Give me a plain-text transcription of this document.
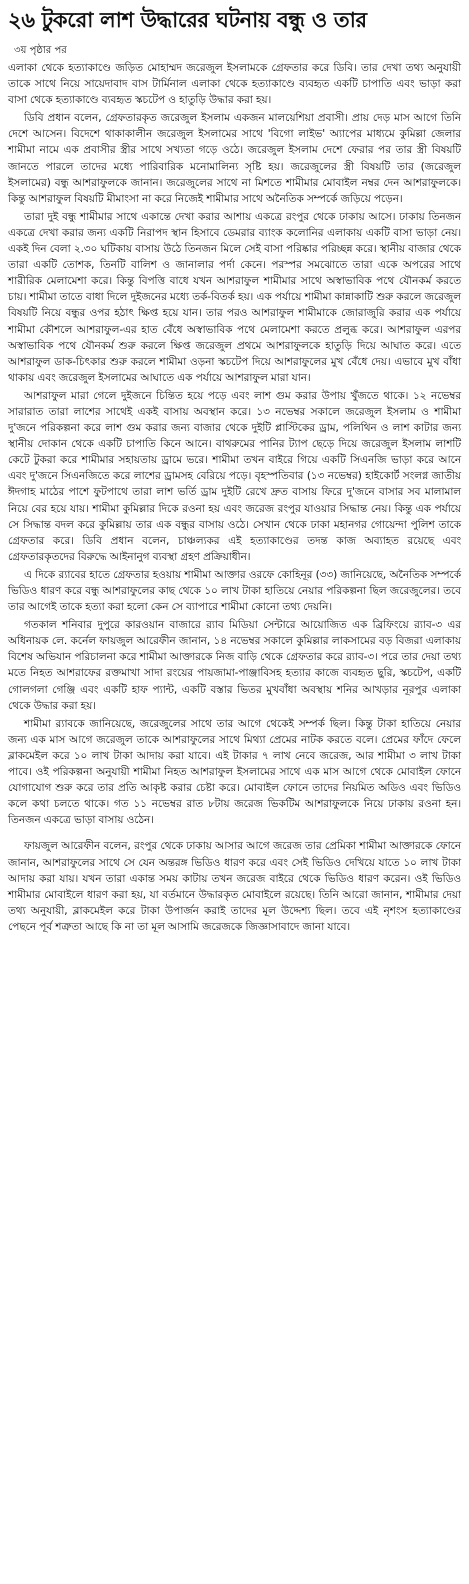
২৬ টুকরো লাশ উদ্ধারের ঘটনায় বন্ধু ও তার
৩য় পৃষ্ঠার পর

এলাকা থেকে হত্যাকাণ্ডে জড়িত মোহাম্মদ জরেজুল ইসলামকে গ্রেফতার করে ডিবি। তার দেখা তথ্য অনুযায়ী তাকে সাথে নিয়ে সায়েদাবাদ বাস টার্মিনাল এলাকা থেকে হত্যাকাণ্ডে ব্যবহৃত একটি চাপাতি এবং ভাড়া করা বাসা থেকে হত্যাকাণ্ডে ব্যবহৃত স্কচটেপ ও হাতুড়ি উদ্ধার করা হয়।

ডিবি প্রধান বলেন, গ্রেফতারকৃত জরেজুল ইসলাম একজন মালয়েশিয়া প্রবাসী। প্রায় দেড় মাস আগে তিনি দেশে আসেন। বিদেশে থাকাকালীন জরেজুল ইসলামের সাথে 'বিগো লাইভ' অ্যাপের মাধ্যমে কুমিল্লা জেলার শামীমা নামে এক প্রবাসীর স্ত্রীর সাথে সখ্যতা গড়ে ওঠে। জরেজুল ইসলাম দেশে ফেরার পর তার স্ত্রী বিষয়টি জানতে পারলে তাদের মধ্যে পারিবারিক মনোমালিন্য সৃষ্টি হয়। জরেজুলের স্ত্রী বিষয়টি তার (জরেজুল ইসলামের) বন্ধু আশরাফুলকে জানান। জরেজুলের সাথে না মিশতে শামীমার মোবাইল নম্বর দেন আশরাফুলকে। কিন্তু আশরাফুল বিষয়টি মীমাংসা না করে নিজেই শামীমার সাথে অনৈতিক সম্পর্কে জড়িয়ে পড়েন।

তারা দুই বন্ধু শামীমার সাথে একান্তে দেখা করার আশায় একত্রে রংপুর থেকে ঢাকায় আসে। ঢাকায় তিনজন একত্রে দেখা করার জন্য একটি নিরাপদ স্থান হিসাবে ডেমরার ব্যাংক কলোনির এলাকায় একটি বাসা ভাড়া নেয়। একই দিন বেলা ২.৩০ ঘটিকায় বাসায় উঠে তিনজন মিলে সেই বাসা পরিষ্কার পরিচ্ছন্ন করে। স্থানীয় বাজার থেকে তারা একটি তোশক, তিনটি বালিশ ও জানালার পর্দা কেনে। পরস্পর সমঝোতে তারা একে অপরের সাথে শারীরিক মেলামেশা করে। কিন্তু বিপত্তি বাধে যখন আশরাফুল শামীমার সাথে অস্বাভাবিক পথে যৌনকর্ম করতে চায়। শামীমা তাতে বাধা দিলে দুইজনের মধ্যে তর্ক-বিতর্ক হয়। এক পর্যায়ে শামীমা কান্নাকাটি শুরু করলে জরেজুল বিষয়টি নিয়ে বন্ধুর ওপর হঠাৎ ক্ষিপ্ত হয়ে যান। তার পরও আশরাফুল শামীমাকে জোরাজুরি করার এক পর্যায়ে শামীমা কৌশলে আশরাফুল-এর হাত বেঁধে অস্বাভাবিক পথে মেলামেশা করতে প্রলুব্ধ করে। আশরাফুল এরপর অস্বাভাবিক পথে যৌনকর্ম শুরু করলে ক্ষিপ্ত জরেজুল প্রথমে আশরাফুলকে হাতুড়ি দিয়ে আঘাত করে। এতে আশরাফুল ডাক-চিৎকার শুরু করলে শামীমা ওড়না স্কচটেপ দিয়ে আশরাফুলের মুখ বেঁধে দেয়। এভাবে মুখ বাঁধা থাকায় এবং জরেজুল ইসলামের আঘাতে এক পর্যায়ে আশরাফুল মারা যান।

আশরাফুল মারা গেলে দুইজনে চিন্তিত হয়ে পড়ে এবং লাশ গুম করার উপায় খুঁজতে থাকে। ১২ নভেম্বর সারারাত তারা লাশের সাথেই একই বাসায় অবস্থান করে। ১৩ নভেম্বর সকালে জরেজুল ইসলাম ও শামীমা দু'জনে পরিকল্পনা করে লাশ গুম করার জন্য বাজার থেকে দুইটি প্লাস্টিকের ড্রাম, পলিথিন ও লাশ কাটার জন্য স্থানীয় দোকান থেকে একটি চাপাতি কিনে আনে। বাথরুমের পানির ট্যাপ ছেড়ে দিয়ে জরেজুল ইসলাম লাশটি কেটে টুকরা করে শামীমার সহায়তায় ড্রামে ভরে। শামীমা তখন বাইরে গিয়ে একটি সিএনজি ভাড়া করে আনে এবং দু'জনে সিএনজিতে করে লাশের ড্রামসহ বেরিয়ে পড়ে। বৃহস্পতিবার (১৩ নভেম্বর) হাইকোর্ট সংলগ্ন জাতীয় ঈদগাহ মাঠের পাশে ফুটপাথে তারা লাশ ভর্তি ড্রাম দুইটি রেখে দ্রুত বাসায় ফিরে দু'জনে বাসার সব মালামাল নিয়ে বের হয়ে যায়। শামীমা কুমিল্লার দিকে রওনা হয় এবং জরেজ রংপুর যাওয়ার সিদ্ধান্ত নেয়। কিন্তু এক পর্যায়ে সে সিদ্ধান্ত বদল করে কুমিল্লায় তার এক বন্ধুর বাসায় ওঠে। সেখান থেকে ঢাকা মহানগর গোয়েন্দা পুলিশ তাকে গ্রেফতার করে। ডিবি প্রধান বলেন, চাঞ্চল্যকর এই হত্যাকাণ্ডের তদন্ত কাজ অব্যাহত রয়েছে এবং গ্রেফতারকৃতদের বিরুদ্ধে আইনানুগ ব্যবস্থা গ্রহণ প্রক্রিয়াধীন।

এ দিকে র‍্যাবের হাতে গ্রেফতার হওয়ায় শামীমা আক্তার ওরফে কোহিনূর (৩৩) জানিয়েছে, অনৈতিক সম্পর্কে ভিডিও ধারণ করে বন্ধু আশরাফুলের কাছ থেকে ১০ লাখ টাকা হাতিয়ে নেয়ার পরিকল্পনা ছিল জরেজুলের। তবে তার আগেই তাকে হত্যা করা হলো কেন সে ব্যাপারে শামীমা কোনো তথ্য দেয়নি।

গতকাল শনিবার দুপুরে কারওয়ান বাজারে র‍্যাব মিডিয়া সেন্টারে আয়োজিত এক ব্রিফিংয়ে র‍্যাব-৩ এর অধিনায়ক লে. কর্নেল ফায়জুল আরেফীন জানান, ১৪ নভেম্বর সকালে কুমিল্লার লাকসামের বড় বিজরা এলাকায় বিশেষ অভিযান পরিচালনা করে শামীমা আক্তারকে নিজ বাড়ি থেকে গ্রেফতার করে র‍্যাব-৩। পরে তার দেয়া তথ্য মতে নিহত আশরাফের রক্তমাখা সাদা রংয়ের পায়জামা-পাঞ্জাবিসহ হত্যার কাজে ব্যবহৃত ছুরি, স্কচটেপ, একটি গোলগলা গেঞ্জি এবং একটি হাফ প্যান্ট, একটি বস্তার ভিতর মুখবাঁধা অবস্থায় শনির আখড়ার নূরপুর এলাকা থেকে উদ্ধার করা হয়।

শামীমা র‍্যাবকে জানিয়েছে, জরেজুলের সাথে তার আগে থেকেই সম্পর্ক ছিল। কিন্তু টাকা হাতিয়ে নেয়ার জন্য এক মাস আগে জরেজুল তাকে আশরাফুলের সাথে মিথ্যা প্রেমের নাটক করতে বলে। প্রেমের ফাঁদে ফেলে ব্লাকমেইল করে ১০ লাখ টাকা আদায় করা যাবে। এই টাকার ৭ লাখ নেবে জরেজ, আর শামীমা ৩ লাখ টাকা পাবে। ওই পরিকল্পনা অনুযায়ী শামীমা নিহত আশরাফুল ইসলামের সাথে এক মাস আগে থেকে মোবাইল ফোনে যোগাযোগ শুরু করে তার প্রতি আকৃষ্ট করার চেষ্টা করে। মোবাইল ফোনে তাদের নিয়মিত অডিও এবং ভিডিও কলে কথা চলতে থাকে। গত ১১ নভেম্বর রাত ৮টায় জরেজ ভিকটিম আশরাফুলকে নিয়ে ঢাকায় রওনা হন। তিনজন একত্রে ভাড়া বাসায় ওঠেন।

ফায়জুল আরেফীন বলেন, রংপুর থেকে ঢাকায় আসার আগে জরেজ তার প্রেমিকা শামীমা আক্তারকে ফোনে জানান, আশরাফুলের সাথে সে যেন অন্তরঙ্গ ভিডিও ধারণ করে এবং সেই ভিডিও দেখিয়ে যাতে ১০ লাখ টাকা আদায় করা যায়। যখন তারা একান্ত সময় কাটায় তখন জরেজ বাইরে থেকে ভিডিও ধারণ করেন। ওই ভিডিও শামীমার মোবাইলে ধারণ করা হয়, যা বর্তমানে উদ্ধারকৃত মোবাইলে রয়েছে। তিনি আরো জানান, শামীমার দেয়া তথ্য অনুযায়ী, ব্লাকমেইল করে টাকা উপার্জন করাই তাদের মূল উদ্দেশ্য ছিল। তবে এই নৃশংস হত্যাকাণ্ডের পেছনে পূর্ব শত্রুতা আছে কি না তা মূল আসামি জরেজকে জিজ্ঞাসাবাদে জানা যাবে।
